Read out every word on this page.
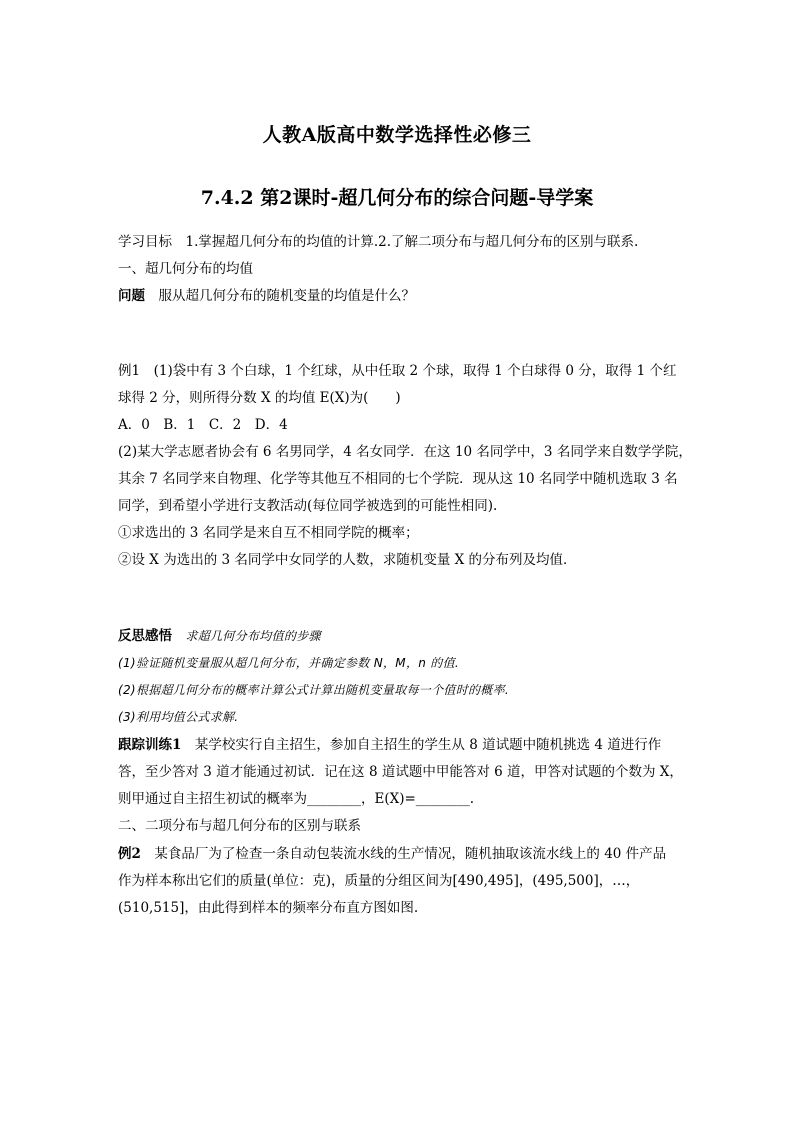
人教A版高中数学选择性必修三
7.4.2 第2课时-超几何分布的综合问题-导学案
学习目标　 1.掌握超几何分布的均值的计算.2.了解二项分布与超几何分布的区别与联系.
一、超几何分布的均值
问题　 服从超几何分布的随机变量的均值是什么？
例1　 (1)袋中有 3 个白球，1 个红球，从中任取 2 个球，取得 1 个白球得 0 分，取得 1 个红
球得 2 分，则所得分数 X 的均值 E(X)为(　　)
A．0　B．1　C．2　D．4
(2)某大学志愿者协会有 6 名男同学，4 名女同学．在这 10 名同学中，3 名同学来自数学学院，
其余 7 名同学来自物理、化学等其他互不相同的七个学院．现从这 10 名同学中随机选取 3 名
同学，到希望小学进行支教活动(每位同学被选到的可能性相同).
①求选出的 3 名同学是来自互不相同学院的概率；
②设 X 为选出的 3 名同学中女同学的人数，求随机变量 X 的分布列及均值．
反思感悟　 求超几何分布均值的步骤
(1)验证随机变量服从超几何分布，并确定参数 N，M，n 的值.
(2)根据超几何分布的概率计算公式计算出随机变量取每一个值时的概率.
(3)利用均值公式求解.
跟踪训练1　 某学校实行自主招生，参加自主招生的学生从 8 道试题中随机挑选 4 道进行作
答，至少答对 3 道才能通过初试．记在这 8 道试题中甲能答对 6 道，甲答对试题的个数为 X，
则甲通过自主招生初试的概率为________，E(X)=________.
二、二项分布与超几何分布的区别与联系
例2　 某食品厂为了检查一条自动包装流水线的生产情况，随机抽取该流水线上的 40 件产品
作为样本称出它们的质量(单位：克)，质量的分组区间为[490,495]，(495,500]，…，
(510,515]，由此得到样本的频率分布直方图如图.
